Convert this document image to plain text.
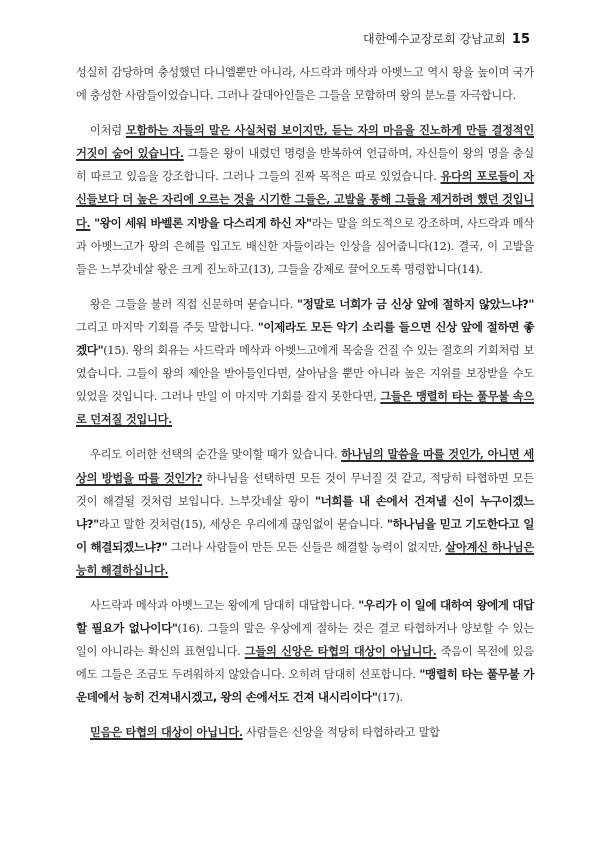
대한예수교장로회 강남교회 15

성실히 감당하며 충성했던 다니엘뿐만 아니라, 사드락과 메삭과 아벳느고 역시 왕을 높이며 국가에 충성한 사람들이었습니다. 그러나 갈대아인들은 그들을 모함하며 왕의 분노를 자극합니다.

이처럼 모함하는 자들의 말은 사실처럼 보이지만, 듣는 자의 마음을 진노하게 만들 결정적인 거짓이 숨어 있습니다. 그들은 왕이 내렸던 명령을 반복하여 언급하며, 자신들이 왕의 명을 충실히 따르고 있음을 강조합니다. 그러나 그들의 진짜 목적은 따로 있었습니다. 유다의 포로들이 자신들보다 더 높은 자리에 오르는 것을 시기한 그들은, 고발을 통해 그들을 제거하려 했던 것입니다. "왕이 세워 바벨론 지방을 다스리게 하신 자"라는 말을 의도적으로 강조하며, 사드락과 메삭과 아벳느고가 왕의 은혜를 입고도 배신한 자들이라는 인상을 심어줍니다(12). 결국, 이 고발을 들은 느부갓네살 왕은 크게 진노하고(13), 그들을 강제로 끌어오도록 명령합니다(14).

왕은 그들을 불러 직접 신문하며 묻습니다. "정말로 너희가 금 신상 앞에 절하지 않았느냐?" 그리고 마지막 기회를 주듯 말합니다. "이제라도 모든 악기 소리를 들으면 신상 앞에 절하면 좋겠다"(15). 왕의 회유는 사드락과 메삭과 아벳느고에게 목숨을 건질 수 있는 절호의 기회처럼 보였습니다. 그들이 왕의 제안을 받아들인다면, 살아남을 뿐만 아니라 높은 지위를 보장받을 수도 있었을 것입니다. 그러나 만일 이 마지막 기회를 잡지 못한다면, 그들은 맹렬히 타는 풀무불 속으로 던져질 것입니다.

우리도 이러한 선택의 순간을 맞이할 때가 있습니다. 하나님의 말씀을 따를 것인가, 아니면 세상의 방법을 따를 것인가? 하나님을 선택하면 모든 것이 무너질 것 같고, 적당히 타협하면 모든 것이 해결될 것처럼 보입니다. 느부갓네살 왕이 "너희를 내 손에서 건져낼 신이 누구이겠느냐?"라고 말한 것처럼(15), 세상은 우리에게 끊임없이 묻습니다. "하나님을 믿고 기도한다고 일이 해결되겠느냐?" 그러나 사람들이 만든 모든 신들은 해결할 능력이 없지만, 살아계신 하나님은 능히 해결하십니다.

사드락과 메삭과 아벳느고는 왕에게 담대히 대답합니다. "우리가 이 일에 대하여 왕에게 대답할 필요가 없나이다"(16). 그들의 말은 우상에게 절하는 것은 결코 타협하거나 양보할 수 있는 일이 아니라는 확신의 표현입니다. 그들의 신앙은 타협의 대상이 아닙니다. 죽음이 목전에 있음에도 그들은 조금도 두려워하지 않았습니다. 오히려 담대히 선포합니다. "맹렬히 타는 풀무불 가운데에서 능히 건져내시겠고, 왕의 손에서도 건져 내시리이다"(17).

믿음은 타협의 대상이 아닙니다. 사람들은 신앙을 적당히 타협하라고 말합
